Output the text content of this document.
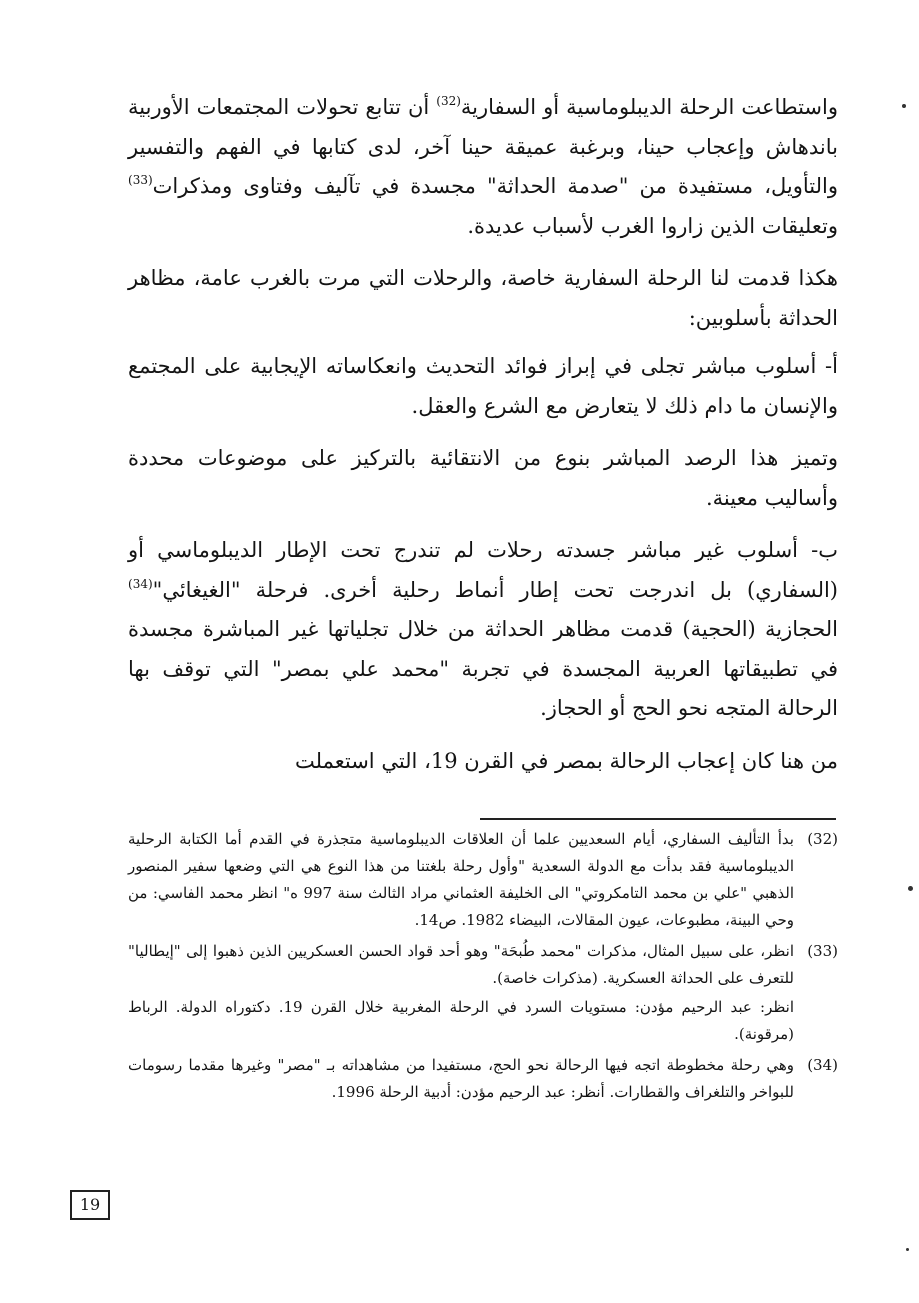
واستطاعت الرحلة الديبلوماسية أو السفارية$^{(32)}$ أن تتابع تحولات المجتمعات الأوربية باندهاش وإعجاب حينا، وبرغبة عميقة حينا آخر، لدى كتابها في الفهم والتفسير والتأويل، مستفيدة من "صدمة الحداثة" مجسدة في تآليف وفتاوى ومذكرات$^{(33)}$ وتعليقات الذين زاروا الغرب لأسباب عديدة.

هكذا قدمت لنا الرحلة السفارية خاصة، والرحلات التي مرت بالغرب عامة، مظاهر الحداثة بأسلوبين:

أ- أسلوب مباشر تجلى في إبراز فوائد التحديث وانعكاساته الإيجابية على المجتمع والإنسان ما دام ذلك لا يتعارض مع الشرع والعقل.

وتميز هذا الرصد المباشر بنوع من الانتقائية بالتركيز على موضوعات محددة وأساليب معينة.

ب- أسلوب غير مباشر جسدته رحلات لم تندرج تحت الإطار الديبلوماسي أو (السفاري) بل اندرجت تحت إطار أنماط رحلية أخرى. فرحلة "الغيغائي"$^{(34)}$ الحجازية (الحجية) قدمت مظاهر الحداثة من خلال تجلياتها غير المباشرة مجسدة في تطبيقاتها العربية المجسدة في تجربة "محمد علي بمصر" التي توقف بها الرحالة المتجه نحو الحج أو الحجاز.

من هنا كان إعجاب الرحالة بمصر في القرن 19، التي استعملت

(32)
بدأ التأليف السفاري، أيام السعديين علما أن العلاقات الديبلوماسية متجذرة في القدم أما الكتابة الرحلية الديبلوماسية فقد بدأت مع الدولة السعدية "وأول رحلة بلغتنا من هذا النوع هي التي وضعها سفير المنصور الذهبي "علي بن محمد التامكروتي" الى الخليفة العثماني مراد الثالث سنة 997 ه" انظر محمد الفاسي: من وحي البينة، مطبوعات، عيون المقالات، البيضاء 1982. ص14.
(33)
انظر، على سبيل المثال، مذكرات "محمد طُبحَة" وهو أحد قواد الحسن العسكريين الذين ذهبوا إلى "إيطاليا" للتعرف على الحداثة العسكرية. (مذكرات خاصة).
انظر: عبد الرحيم مؤدن: مستويات السرد في الرحلة المغربية خلال القرن 19. دكتوراه الدولة. الرباط (مرقونة).
(34)
وهي رحلة مخطوطة اتجه فيها الرحالة نحو الحج، مستفيدا من مشاهداته بـ "مصر" وغيرها مقدما رسومات للبواخر والتلغراف والقطارات. أنظر: عبد الرحيم مؤدن: أدبية الرحلة 1996.
19
